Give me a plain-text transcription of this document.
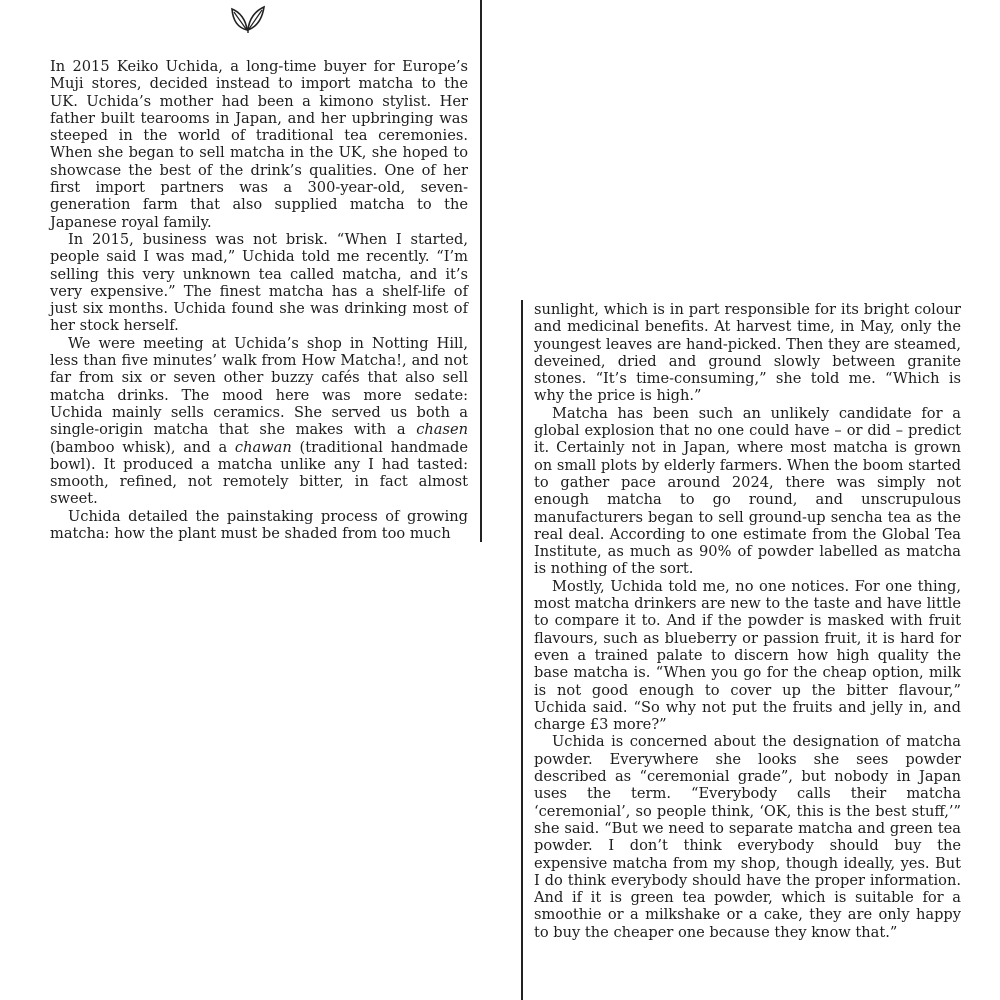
In 2015 Keiko Uchida, a long-time buyer for Europe’s Muji stores, decided instead to import matcha to the UK. Uchida’s mother had been a kimono stylist. Her father built tearooms in Japan, and her upbringing was steeped in the world of traditional tea ceremonies. When she began to sell matcha in the UK, she hoped to showcase the best of the drink’s qualities. One of her first import partners was a 300-year-old, seven-generation farm that also supplied matcha to the Japanese royal family.

In 2015, business was not brisk. “When I started, people said I was mad,” Uchida told me recently. “I’m selling this very unknown tea called matcha, and it’s very expensive.” The finest matcha has a shelf-life of just six months. Uchida found she was drinking most of her stock herself.

We were meeting at Uchida’s shop in Notting Hill, less than five minutes’ walk from How Matcha!, and not far from six or seven other buzzy cafés that also sell matcha drinks. The mood here was more sedate: Uchida mainly sells ceramics. She served us both a single-origin matcha that she makes with a chasen (bamboo whisk), and a chawan (traditional handmade bowl). It produced a matcha unlike any I had tasted: smooth, refined, not remotely bitter, in fact almost sweet.

Uchida detailed the painstaking process of growing matcha: how the plant must be shaded from too much

sunlight, which is in part responsible for its bright colour and medicinal benefits. At harvest time, in May, only the youngest leaves are hand-picked. Then they are steamed, deveined, dried and ground slowly between granite stones. “It’s time-consuming,” she told me. “Which is why the price is high.”

Matcha has been such an unlikely candidate for a global explosion that no one could have – or did – predict it. Certainly not in Japan, where most matcha is grown on small plots by elderly farmers. When the boom started to gather pace around 2024, there was simply not enough matcha to go round, and unscrupulous manufacturers began to sell ground-up sencha tea as the real deal. According to one estimate from the Global Tea Institute, as much as 90% of powder labelled as matcha is nothing of the sort.

Mostly, Uchida told me, no one notices. For one thing, most matcha drinkers are new to the taste and have little to compare it to. And if the powder is masked with fruit flavours, such as blueberry or passion fruit, it is hard for even a trained palate to discern how high quality the base matcha is. “When you go for the cheap option, milk is not good enough to cover up the bitter flavour,” Uchida said. “So why not put the fruits and jelly in, and charge £3 more?”

Uchida is concerned about the designation of matcha powder. Everywhere she looks she sees powder described as “ceremonial grade”, but nobody in Japan uses the term. “Everybody calls their matcha ‘ceremonial’, so people think, ‘OK, this is the best stuff,’” she said. “But we need to separate matcha and green tea powder. I don’t think everybody should buy the expensive matcha from my shop, though ideally, yes. But I do think everybody should have the proper information. And if it is green tea powder, which is suitable for a smoothie or a milkshake or a cake, they are only happy to buy the cheaper one because they know that.”
